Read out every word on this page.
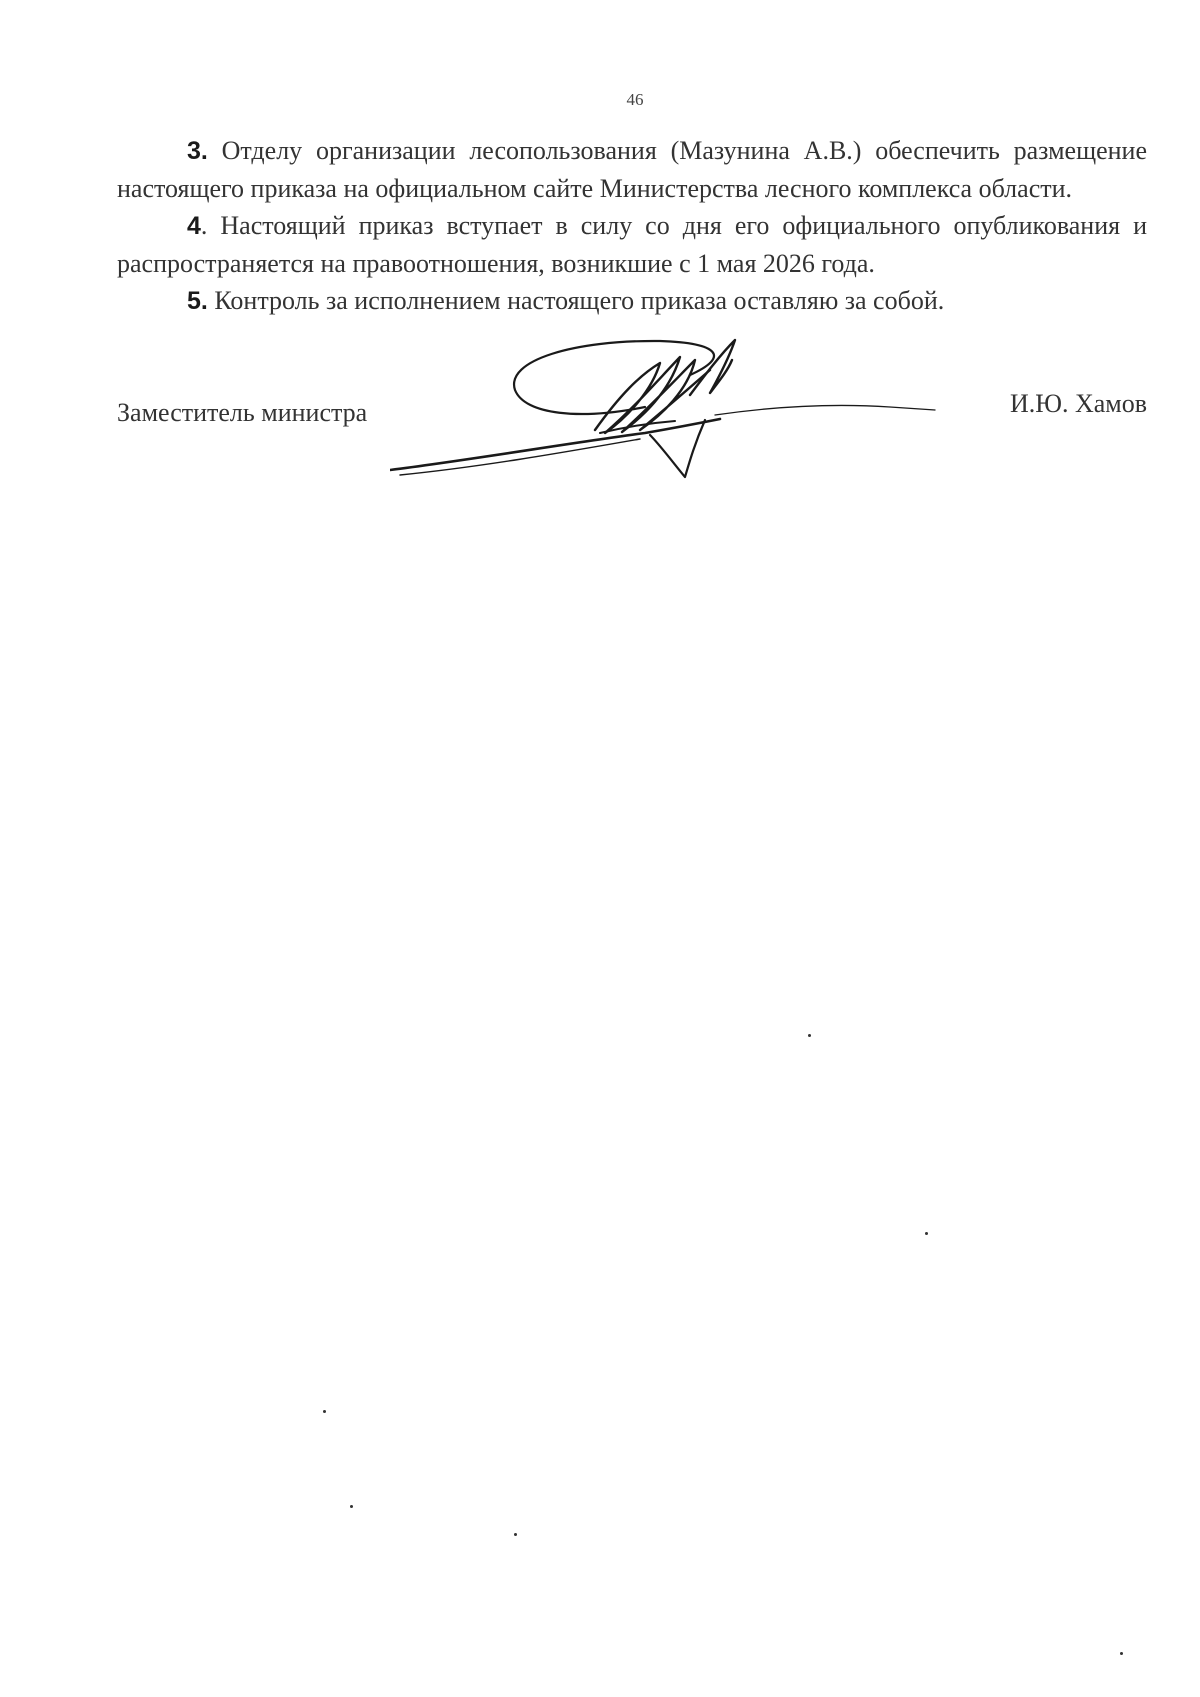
46

3. Отделу организации лесопользования (Мазунина А.В.) обеспечить размещение настоящего приказа на официальном сайте Министерства лесного комплекса области.

4. Настоящий приказ вступает в силу со дня его официального опубликования и распространяется на правоотношения, возникшие с 1 мая 2026 года.

5. Контроль за исполнением настоящего приказа оставляю за собой.

Заместитель министра	И.Ю. Хамов
